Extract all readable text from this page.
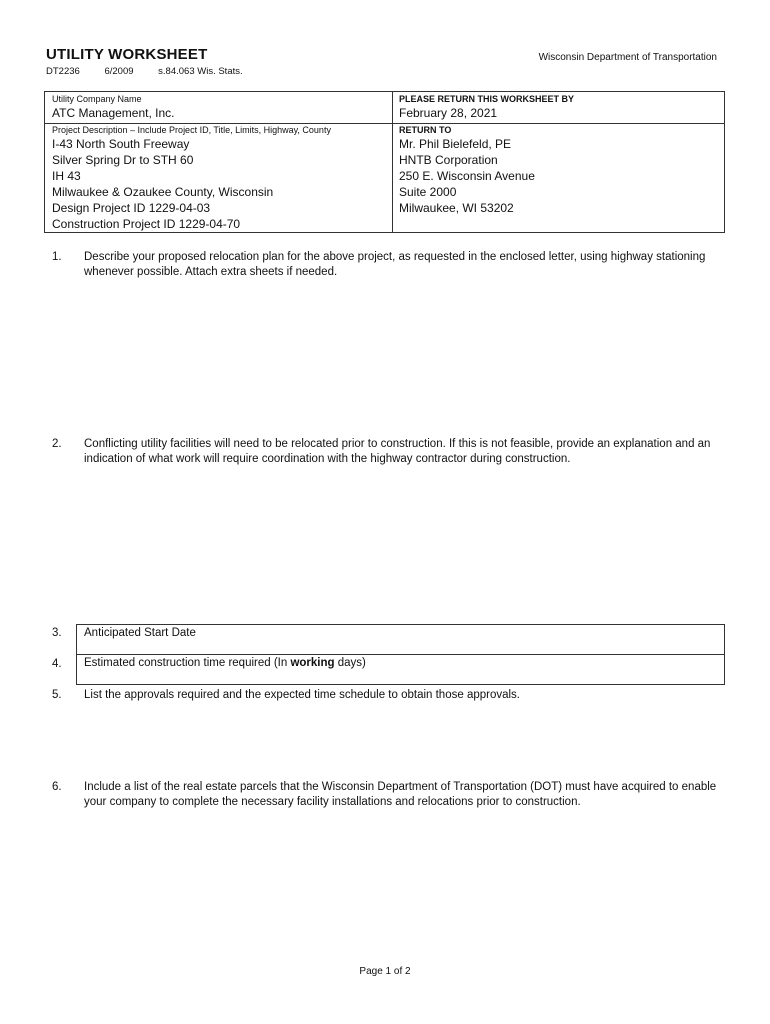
UTILITY WORKSHEET	Wisconsin Department of Transportation
DT2236	6/2009	s.84.063 Wis. Stats.
Utility Company Name
ATC Management, Inc.
PLEASE RETURN THIS WORKSHEET BY
February 28, 2021
Project Description – Include Project ID, Title, Limits, Highway, County
I-43 North South Freeway
Silver Spring Dr to STH 60
IH 43
Milwaukee & Ozaukee County, Wisconsin
Design Project ID 1229-04-03
Construction Project ID 1229-04-70
RETURN TO
Mr. Phil Bielefeld, PE
HNTB Corporation
250 E. Wisconsin Avenue
Suite 2000
Milwaukee, WI 53202
1. Describe your proposed relocation plan for the above project, as requested in the enclosed letter, using highway stationing whenever possible. Attach extra sheets if needed.
2. Conflicting utility facilities will need to be relocated prior to construction. If this is not feasible, provide an explanation and an indication of what work will require coordination with the highway contractor during construction.
3. Anticipated Start Date
4. Estimated construction time required (In working days)
5. List the approvals required and the expected time schedule to obtain those approvals.
6. Include a list of the real estate parcels that the Wisconsin Department of Transportation (DOT) must have acquired to enable your company to complete the necessary facility installations and relocations prior to construction.
Page 1 of 2
